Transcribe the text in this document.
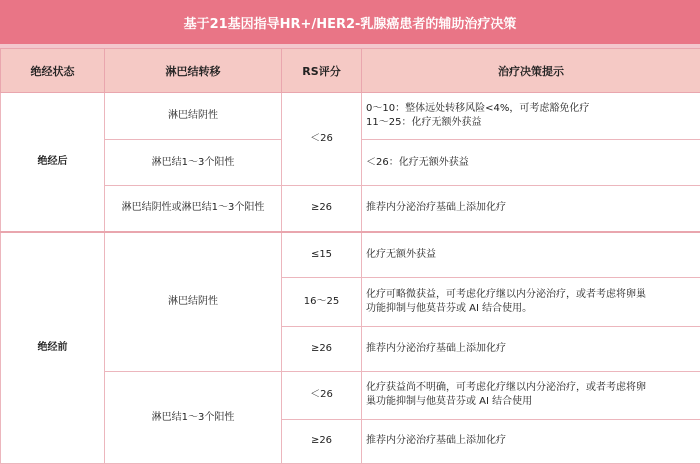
基于21基因指导HR+/HER2-乳腺癌患者的辅助治疗决策
绝经状态	淋巴结转移	RS评分	治疗决策提示
绝经后	淋巴结阴性	＜26	0～10：整体远处转移风险<4%，可考虑豁免化疗
11～25：化疗无额外获益

	淋巴结1～3个阳性		＜26：化疗无额外获益

	淋巴结阴性或淋巴结1～3个阳性	≥26	推荐内分泌治疗基础上添加化疗

绝经前	淋巴结阴性	≤15	化疗无额外获益

		16～25	化疗可略微获益，可考虑化疗继以内分泌治疗，或者考虑将卵巢
功能抑制与他莫昔芬或 AI 结合使用。

		≥26	推荐内分泌治疗基础上添加化疗

	淋巴结1～3个阳性	＜26	化疗获益尚不明确，可考虑化疗继以内分泌治疗，或者考虑将卵
巢功能抑制与他莫昔芬或 AI 结合使用

		≥26	推荐内分泌治疗基础上添加化疗
